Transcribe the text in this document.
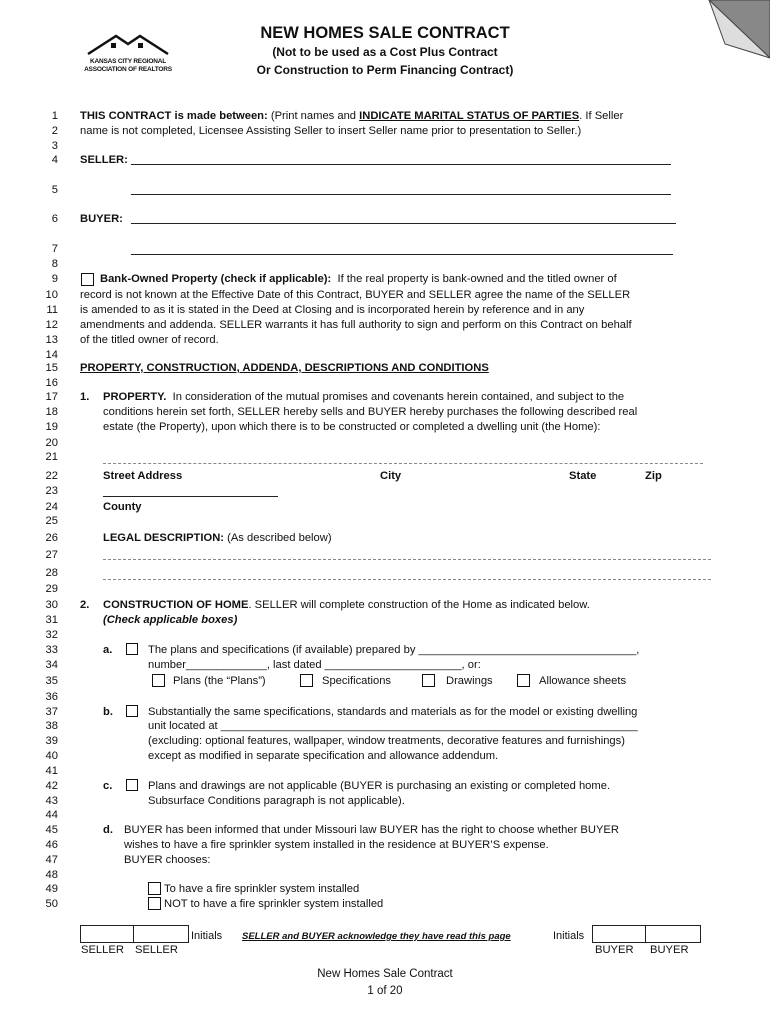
KANSAS CITY REGIONAL
ASSOCIATION OF REALTORS
NEW HOMES SALE CONTRACT
(Not to be used as a Cost Plus Contract
Or Construction to Perm Financing Contract)
1
2
3
4
5
6
7
8
9
10
11
12
13
14
15
16
17
18
19
20
21
22
23
24
25
26
27
28
29
30
31
32
33
34
35
36
37
38
39
40
41
42
43
44
45
46
47
48
49
50
THIS CONTRACT is made between: (Print names and INDICATE MARITAL STATUS OF PARTIES. If Seller
name is not completed, Licensee Assisting Seller to insert Seller name prior to presentation to Seller.)
SELLER:
BUYER:
Bank-Owned Property (check if applicable): If the real property is bank-owned and the titled owner of
record is not known at the Effective Date of this Contract, BUYER and SELLER agree the name of the SELLER
is amended to as it is stated in the Deed at Closing and is incorporated herein by reference and in any
amendments and addenda. SELLER warrants it has full authority to sign and perform on this Contract on behalf
of the titled owner of record.
PROPERTY, CONSTRUCTION, ADDENDA, DESCRIPTIONS AND CONDITIONS
1. PROPERTY. In consideration of the mutual promises and covenants herein contained, and subject to the
conditions herein set forth, SELLER hereby sells and BUYER hereby purchases the following described real
estate (the Property), upon which there is to be constructed or completed a dwelling unit (the Home):
Street Address	City	State	Zip
County
LEGAL DESCRIPTION: (As described below)
2. CONSTRUCTION OF HOME. SELLER will complete construction of the Home as indicated below.
(Check applicable boxes)
a.	The plans and specifications (if available) prepared by ___________________________________,
number_____________, last dated ______________________, or:
Plans (the “Plans”)	Specifications	Drawings	Allowance sheets
b.	Substantially the same specifications, standards and materials as for the model or existing dwelling
unit located at ___________________________________________________________________
(excluding: optional features, wallpaper, window treatments, decorative features and furnishings)
except as modified in separate specification and allowance addendum.
c.	Plans and drawings are not applicable (BUYER is purchasing an existing or completed home.
Subsurface Conditions paragraph is not applicable).
d. BUYER has been informed that under Missouri law BUYER has the right to choose whether BUYER
wishes to have a fire sprinkler system installed in the residence at BUYER’S expense.
BUYER chooses:
To have a fire sprinkler system installed
NOT to have a fire sprinkler system installed
Initials SELLER and BUYER acknowledge they have read this page	Initials
SELLER SELLER	BUYER BUYER
New Homes Sale Contract
1 of 20
